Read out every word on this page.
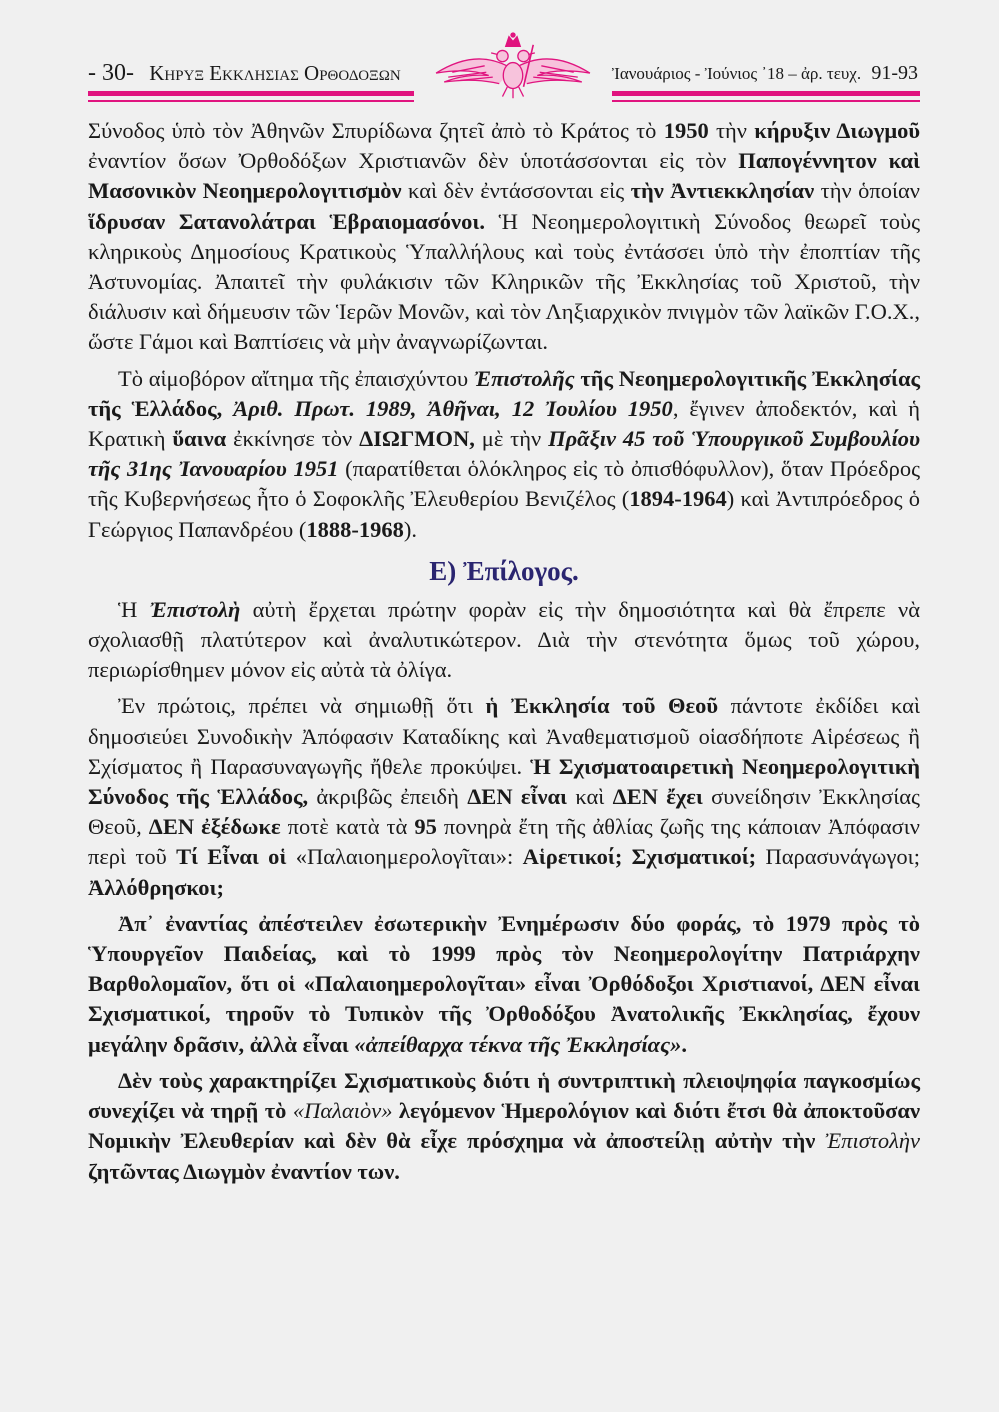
- 30- Κηρυξ Εκκλησιας Ορθοδοξων	Ἰανουάριος - Ἰούνιος ᾽18 – ἀρ. τευχ. 91-93

Σύνοδος ὑπὸ τὸν Ἀθηνῶν Σπυρίδωνα ζητεῖ ἀπὸ τὸ Κράτος τὸ 1950 τὴν κήρυξιν Διωγμοῦ ἐναντίον ὅσων Ὀρθοδόξων Χριστιανῶν δὲν ὑποτάσσονται εἰς τὸν Παπογέννητον καὶ Μασονικὸν Νεοημερολογιτισμὸν καὶ δὲν ἐντάσσονται εἰς τὴν Ἀντιεκκλησίαν τὴν ὁποίαν ἵδρυσαν Σατανολάτραι Ἑβραιομασόνοι. Ἡ Νεοημερολογιτικὴ Σύνοδος θεωρεῖ τοὺς κληρικοὺς Δημοσίους Κρατικοὺς Ὑπαλλήλους καὶ τοὺς ἐντάσσει ὑπὸ τὴν ἐποπτίαν τῆς Ἀστυνομίας. Ἀπαιτεῖ τὴν φυλάκισιν τῶν Κληρικῶν τῆς Ἐκκλησίας τοῦ Χριστοῦ, τὴν διάλυσιν καὶ δήμευσιν τῶν Ἱερῶν Μονῶν, καὶ τὸν Ληξιαρχικὸν πνιγμὸν τῶν λαϊκῶν Γ.Ο.Χ., ὥστε Γάμοι καὶ Βαπτίσεις νὰ μὴν ἀναγνωρίζωνται.

Τὸ αἱμοβόρον αἴτημα τῆς ἐπαισχύντου Ἐπιστολῆς τῆς Νεοημερολογιτικῆς Ἐκκλησίας τῆς Ἑλλάδος, Ἀριθ. Πρωτ. 1989, Ἀθῆναι, 12 Ἰουλίου 1950, ἔγινεν ἀποδεκτόν, καὶ ἡ Κρατικὴ ὕαινα ἐκκίνησε τὸν ΔΙΩΓΜΟΝ, μὲ τὴν Πρᾶξιν 45 τοῦ Ὑπουργικοῦ Συμβουλίου τῆς 31ης Ἰανουαρίου 1951 (παρατίθεται ὁλόκληρος εἰς τὸ ὀπισθόφυλλον), ὅταν Πρόεδρος τῆς Κυβερνήσεως ἦτο ὁ Σοφοκλῆς Ἐλευθερίου Βενιζέλος (1894-1964) καὶ Ἀντιπρόεδρος ὁ Γεώργιος Παπανδρέου (1888-1968).

Ε) Ἐπίλογος.

Ἡ Ἐπιστολὴ αὐτὴ ἔρχεται πρώτην φορὰν εἰς τὴν δημοσιότητα καὶ θὰ ἔπρεπε νὰ σχολιασθῇ πλατύτερον καὶ ἀναλυτικώτερον. Διὰ τὴν στενότητα ὅμως τοῦ χώρου, περιωρίσθημεν μόνον εἰς αὐτὰ τὰ ὀλίγα.

Ἐν πρώτοις, πρέπει νὰ σημιωθῇ ὅτι ἡ Ἐκκλησία τοῦ Θεοῦ πάντοτε ἐκδίδει καὶ δημοσιεύει Συνοδικὴν Ἀπόφασιν Καταδίκης καὶ Ἀναθεματισμοῦ οἱασδήποτε Αἱρέσεως ἢ Σχίσματος ἢ Παρασυναγωγῆς ἤθελε προκύψει. Ἡ Σχισματοαιρετικὴ Νεοημερολογιτικὴ Σύνοδος τῆς Ἑλλάδος, ἀκριβῶς ἐπειδὴ ΔΕΝ εἶναι καὶ ΔΕΝ ἔχει συνείδησιν Ἐκκλησίας Θεοῦ, ΔΕΝ ἐξέδωκε ποτὲ κατὰ τὰ 95 πονηρὰ ἔτη τῆς ἀθλίας ζωῆς της κάποιαν Ἀπόφασιν περὶ τοῦ Τί Εἶναι οἱ «Παλαιοημερολογῖται»: Αἱρετικοί; Σχισματικοί; Παρασυνάγωγοι; Ἀλλόθρησκοι;

Ἀπ᾽ ἐναντίας ἀπέστειλεν ἐσωτερικὴν Ἐνημέρωσιν δύο φοράς, τὸ 1979 πρὸς τὸ Ὑπουργεῖον Παιδείας, καὶ τὸ 1999 πρὸς τὸν Νεοημερολογίτην Πατριάρχην Βαρθολομαῖον, ὅτι οἱ «Παλαιοημερολογῖται» εἶναι Ὀρθόδοξοι Χριστιανοί, ΔΕΝ εἶναι Σχισματικοί, τηροῦν τὸ Τυπικὸν τῆς Ὀρθοδόξου Ἀνατολικῆς Ἐκκλησίας, ἔχουν μεγάλην δρᾶσιν, ἀλλὰ εἶναι «ἀπείθαρχα τέκνα τῆς Ἐκκλησίας».

Δὲν τοὺς χαρακτηρίζει Σχισματικοὺς διότι ἡ συντριπτικὴ πλειοψηφία παγκοσμίως συνεχίζει νὰ τηρῇ τὸ «Παλαιὸν» λεγόμενον Ἡμερολόγιον καὶ διότι ἔτσι θὰ ἀποκτοῦσαν Νομικὴν Ἐλευθερίαν καὶ δὲν θὰ εἶχε πρόσχημα νὰ ἀποστείλῃ αὐτὴν τὴν Ἐπιστολὴν ζητῶντας Διωγμὸν ἐναντίον των.
